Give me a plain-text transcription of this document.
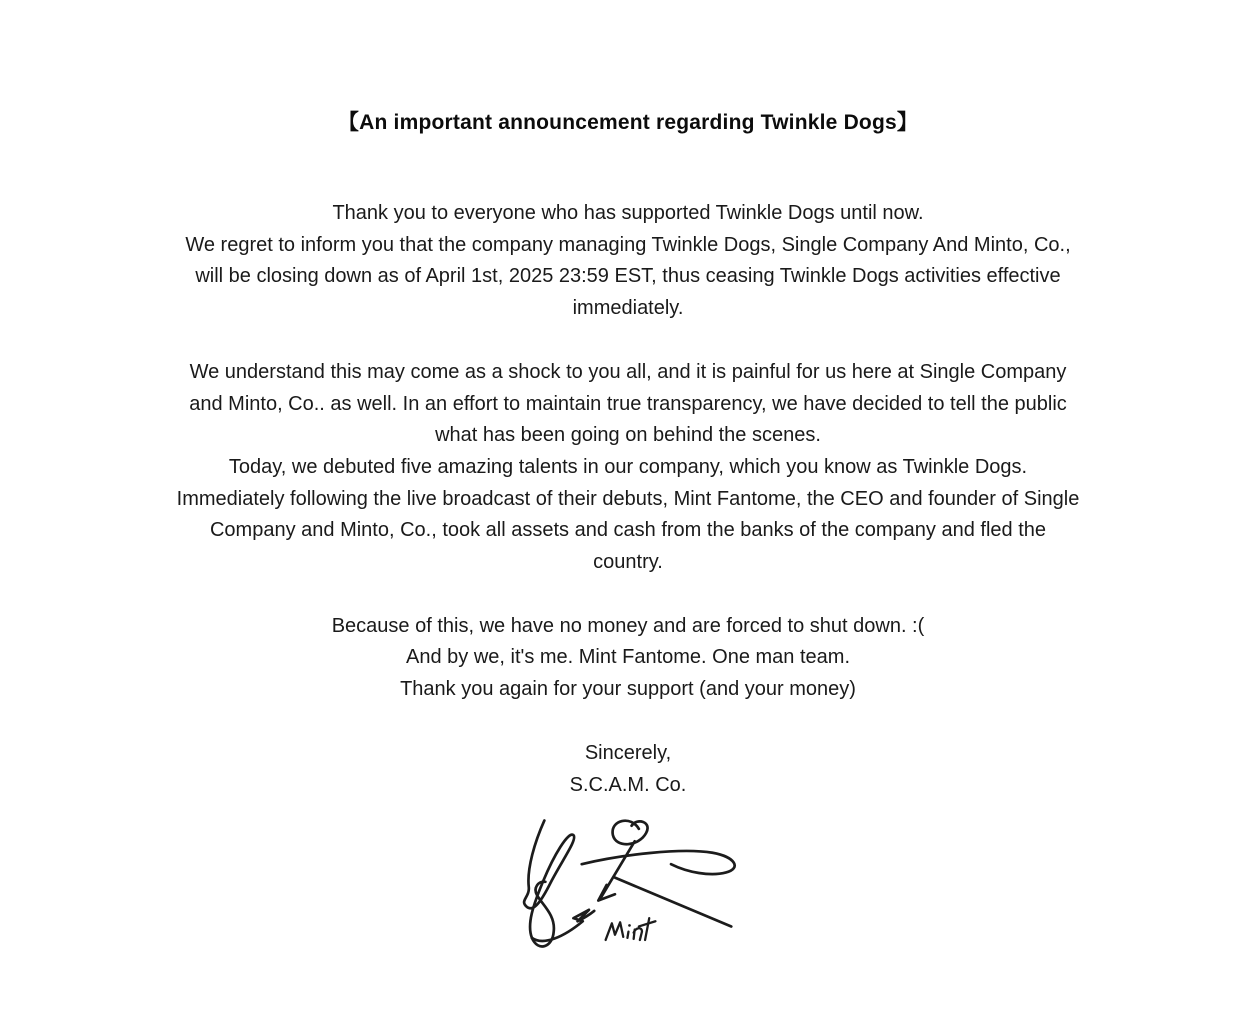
【An important announcement regarding Twinkle Dogs】

Thank you to everyone who has supported Twinkle Dogs until now.
We regret to inform you that the company managing Twinkle Dogs, Single Company And Minto, Co.,
will be closing down as of April 1st, 2025 23:59 EST, thus ceasing Twinkle Dogs activities effective
immediately.

We understand this may come as a shock to you all, and it is painful for us here at Single Company
and Minto, Co.. as well. In an effort to maintain true transparency, we have decided to tell the public
what has been going on behind the scenes.
Today, we debuted five amazing talents in our company, which you know as Twinkle Dogs.
Immediately following the live broadcast of their debuts, Mint Fantome, the CEO and founder of Single
Company and Minto, Co., took all assets and cash from the banks of the company and fled the
country.

Because of this, we have no money and are forced to shut down. :(
And by we, it's me. Mint Fantome. One man team.
Thank you again for your support (and your money)

Sincerely,
S.C.A.M. Co.
